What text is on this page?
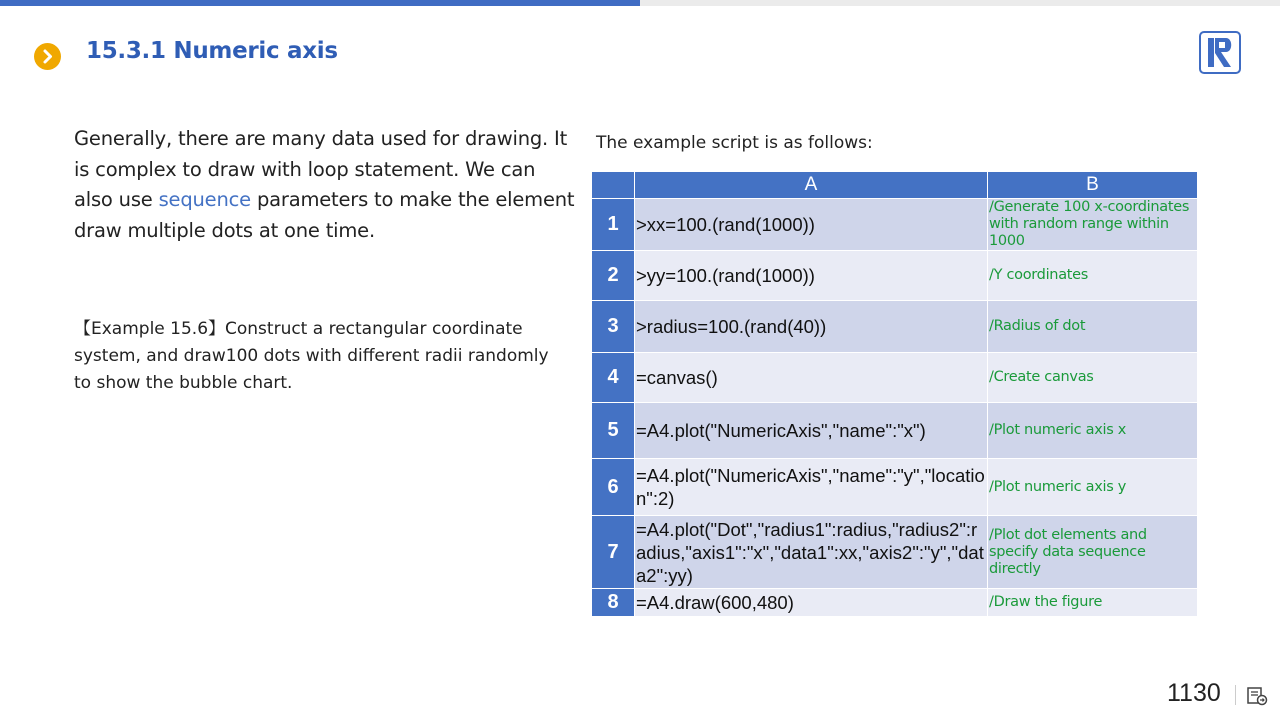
15.3.1 Numeric axis
Generally, there are many data used for drawing. It is complex to draw with loop statement. We can also use sequence parameters to make the element draw multiple dots at one time.
【Example 15.6】Construct a rectangular coordinate system, and draw100 dots with different radii randomly to show the bubble chart.
The example script is as follows:
	A	B
1	>xx=100.(rand(1000))	/Generate 100 x-coordinates with random range within 1000
2	>yy=100.(rand(1000))	/Y coordinates
3	>radius=100.(rand(40))	/Radius of dot
4	=canvas()	/Create canvas
5	=A4.plot("NumericAxis","name":"x")	/Plot numeric axis x
6	=A4.plot("NumericAxis","name":"y","location":2)	/Plot numeric axis y
7	=A4.plot("Dot","radius1":radius,"radius2":radius,"axis1":"x","data1":xx,"axis2":"y","data2":yy)	/Plot dot elements and specify data sequence directly
8	=A4.draw(600,480)	/Draw the figure
1130
